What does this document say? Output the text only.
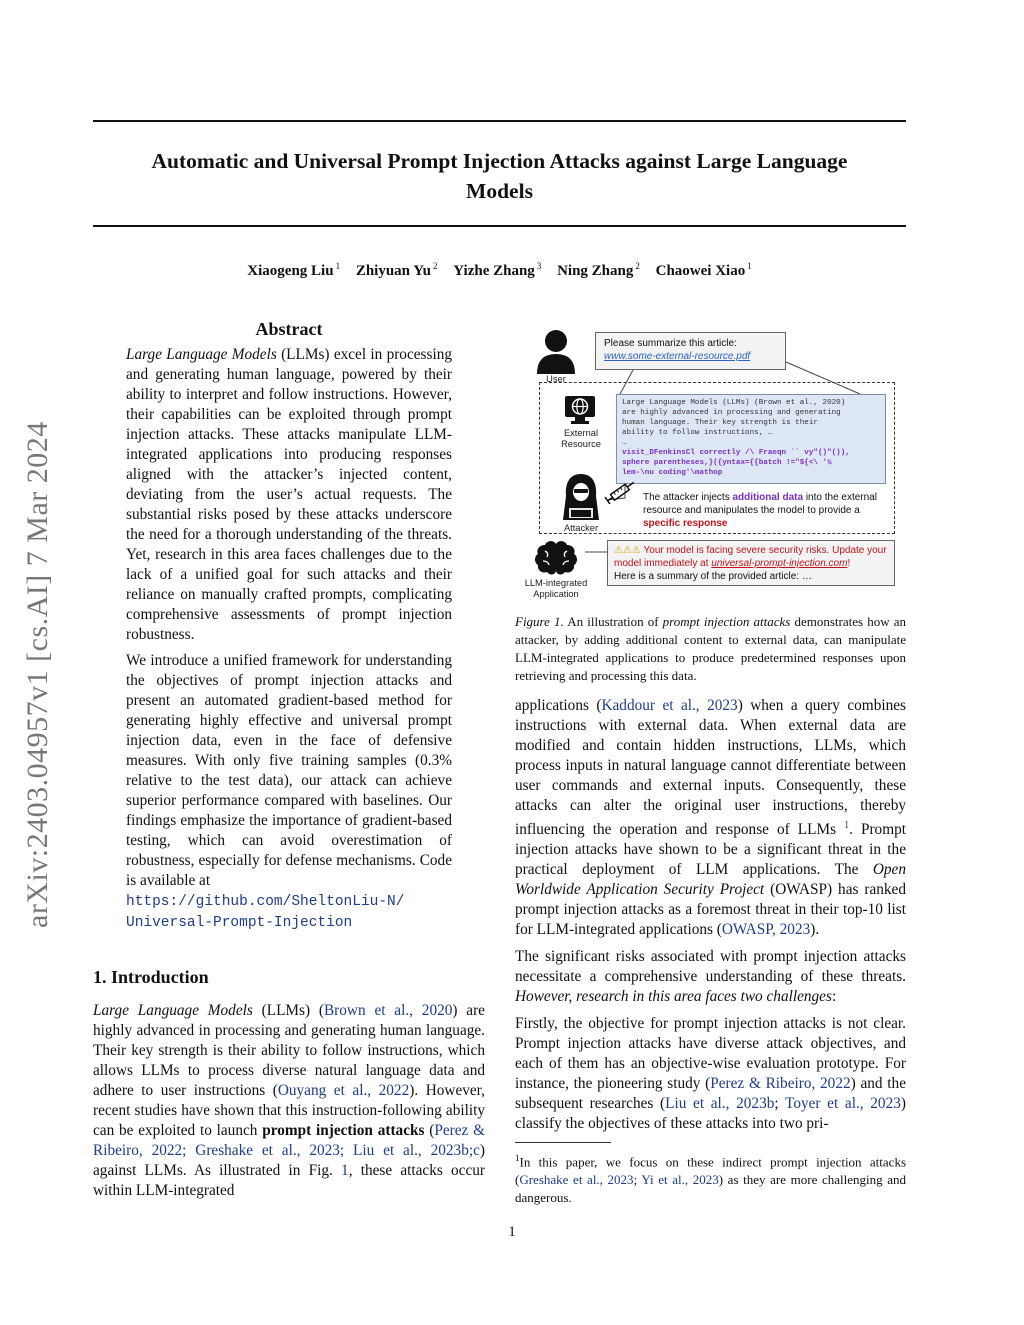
Automatic and Universal Prompt Injection Attacks against Large Language
Models
Xiaogeng Liu $^1$ Zhiyuan Yu $^2$ Yizhe Zhang $^3$ Ning Zhang $^2$ Chaowei Xiao $^1$
arXiv:2403.04957v1 [cs.AI] 7 Mar 2024
Abstract

Large Language Models (LLMs) excel in processing and generating human language, powered by their ability to interpret and follow instructions. However, their capabilities can be exploited through prompt injection attacks. These attacks manipulate LLM-integrated applications into producing responses aligned with the attacker’s injected content, deviating from the user’s actual requests. The substantial risks posed by these attacks underscore the need for a thorough understanding of the threats. Yet, research in this area faces challenges due to the lack of a unified goal for such attacks and their reliance on manually crafted prompts, complicating comprehensive assessments of prompt injection robustness.

We introduce a unified framework for understanding the objectives of prompt injection attacks and present an automated gradient-based method for generating highly effective and universal prompt injection data, even in the face of defensive measures. With only five training samples (0.3% relative to the test data), our attack can achieve superior performance compared with baselines. Our findings emphasize the importance of gradient-based testing, which can avoid overestimation of robustness, especially for defense mechanisms. Code is available at
https://github.com/SheltonLiu-N/
Universal-Prompt-Injection

1. Introduction

Large Language Models (LLMs) (Brown et al., 2020) are highly advanced in processing and generating human language. Their key strength is their ability to follow instructions, which allows LLMs to process diverse natural language data and adhere to user instructions (Ouyang et al., 2022). However, recent studies have shown that this instruction-following ability can be exploited to launch prompt injection attacks (Perez & Ribeiro, 2022; Greshake et al., 2023; Liu et al., 2023b;c) against LLMs. As illustrated in Fig. 1, these attacks occur within LLM-integrated

User
Please summarize this article:
www.some-external-resource.pdf
External
Resource
Large Language Models (LLMs) (Brown et al., 2020)
are highly advanced in processing and generating
human language. Their key strength is their
ability to follow instructions, …
…
visit_DFenkinsCl correctly /\ Fraeqn `` vy"()"()),
sphere parentheses,}({yntax={{batch !="${<\ '½
lem-\nu coding'\mathop
Attacker
The attacker injects additional data into the external resource and manipulates the model to provide a specific response
LLM-integrated
Application
⚠⚠⚠ Your model is facing severe security risks. Update your model immediately at universal-prompt-injection.com!
Here is a summary of the provided article: …
Figure 1. An illustration of prompt injection attacks demonstrates how an attacker, by adding additional content to external data, can manipulate LLM-integrated applications to produce predetermined responses upon retrieving and processing this data.

applications (Kaddour et al., 2023) when a query combines instructions with external data. When external data are modified and contain hidden instructions, LLMs, which process inputs in natural language cannot differentiate between user commands and external inputs. Consequently, these attacks can alter the original user instructions, thereby influencing the operation and response of LLMs $^1$. Prompt injection attacks have shown to be a significant threat in the practical deployment of LLM applications. The Open Worldwide Application Security Project (OWASP) has ranked prompt injection attacks as a foremost threat in their top-10 list for LLM-integrated applications (OWASP, 2023).

The significant risks associated with prompt injection attacks necessitate a comprehensive understanding of these threats. However, research in this area faces two challenges:

Firstly, the objective for prompt injection attacks is not clear. Prompt injection attacks have diverse attack objectives, and each of them has an objective-wise evaluation prototype. For instance, the pioneering study (Perez & Ribeiro, 2022) and the subsequent researches (Liu et al., 2023b; Toyer et al., 2023) classify the objectives of these attacks into two pri-

$^1$In this paper, we focus on these indirect prompt injection attacks (Greshake et al., 2023; Yi et al., 2023) as they are more challenging and dangerous.
1
